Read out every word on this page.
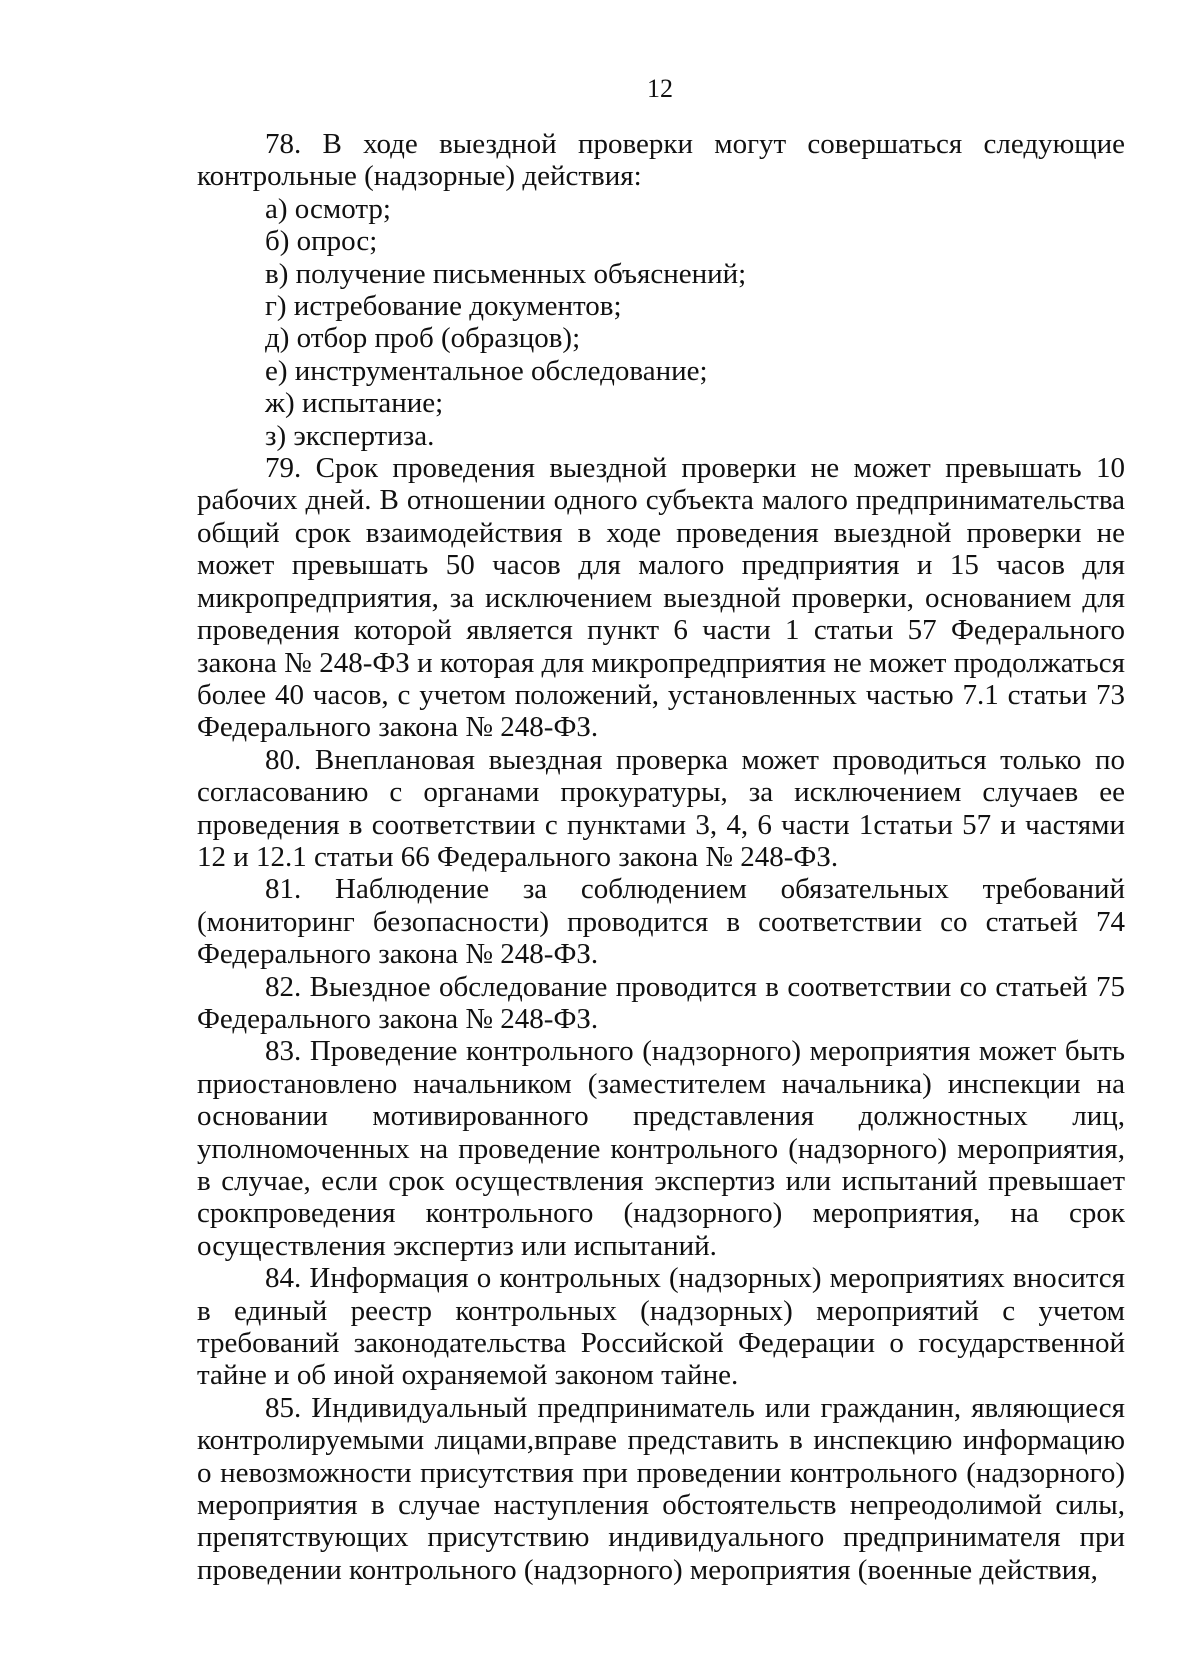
12

78. В ходе выездной проверки могут совершаться следующие контрольные (надзорные) действия:

а) осмотр;

б) опрос;

в) получение письменных объяснений;

г) истребование документов;

д) отбор проб (образцов);

е) инструментальное обследование;

ж) испытание;

з) экспертиза.

79. Срок проведения выездной проверки не может превышать 10 рабочих дней. В отношении одного субъекта малого предпринимательства общий срок взаимодействия в ходе проведения выездной проверки не может превышать 50 часов для малого предприятия и 15 часов для микропредприятия, за исключением выездной проверки, основанием для проведения которой является пункт 6 части 1 статьи 57 Федерального закона № 248-ФЗ и которая для микропредприятия не может продолжаться более 40 часов, с учетом положений, установленных частью 7.1 статьи 73 Федерального закона № 248-ФЗ.

80. Внеплановая выездная проверка может проводиться только по согласованию с органами прокуратуры, за исключением случаев ее проведения в соответствии с пунктами 3, 4, 6 части 1статьи 57 и частями 12 и 12.1 статьи 66 Федерального закона № 248-ФЗ.

81. Наблюдение за соблюдением обязательных требований (мониторинг безопасности) проводится в соответствии со статьей 74 Федерального закона № 248-ФЗ.

82. Выездное обследование проводится в соответствии со статьей 75 Федерального закона № 248-ФЗ.

83. Проведение контрольного (надзорного) мероприятия может быть приостановлено начальником (заместителем начальника) инспекции на основании мотивированного представления должностных лиц, уполномоченных на проведение контрольного (надзорного) мероприятия, в случае, если срок осуществления экспертиз или испытаний превышает срокпроведения контрольного (надзорного) мероприятия, на срок осуществления экспертиз или испытаний.

84. Информация о контрольных (надзорных) мероприятиях вносится в единый реестр контрольных (надзорных) мероприятий с учетом требований законодательства Российской Федерации о государственной тайне и об иной охраняемой законом тайне.

85. Индивидуальный предприниматель или гражданин, являющиеся контролируемыми лицами,вправе представить в инспекцию информацию о невозможности присутствия при проведении контрольного (надзорного) мероприятия в случае наступления обстоятельств непреодолимой силы, препятствующих присутствию индивидуального предпринимателя при проведении контрольного (надзорного) мероприятия (военные действия,
